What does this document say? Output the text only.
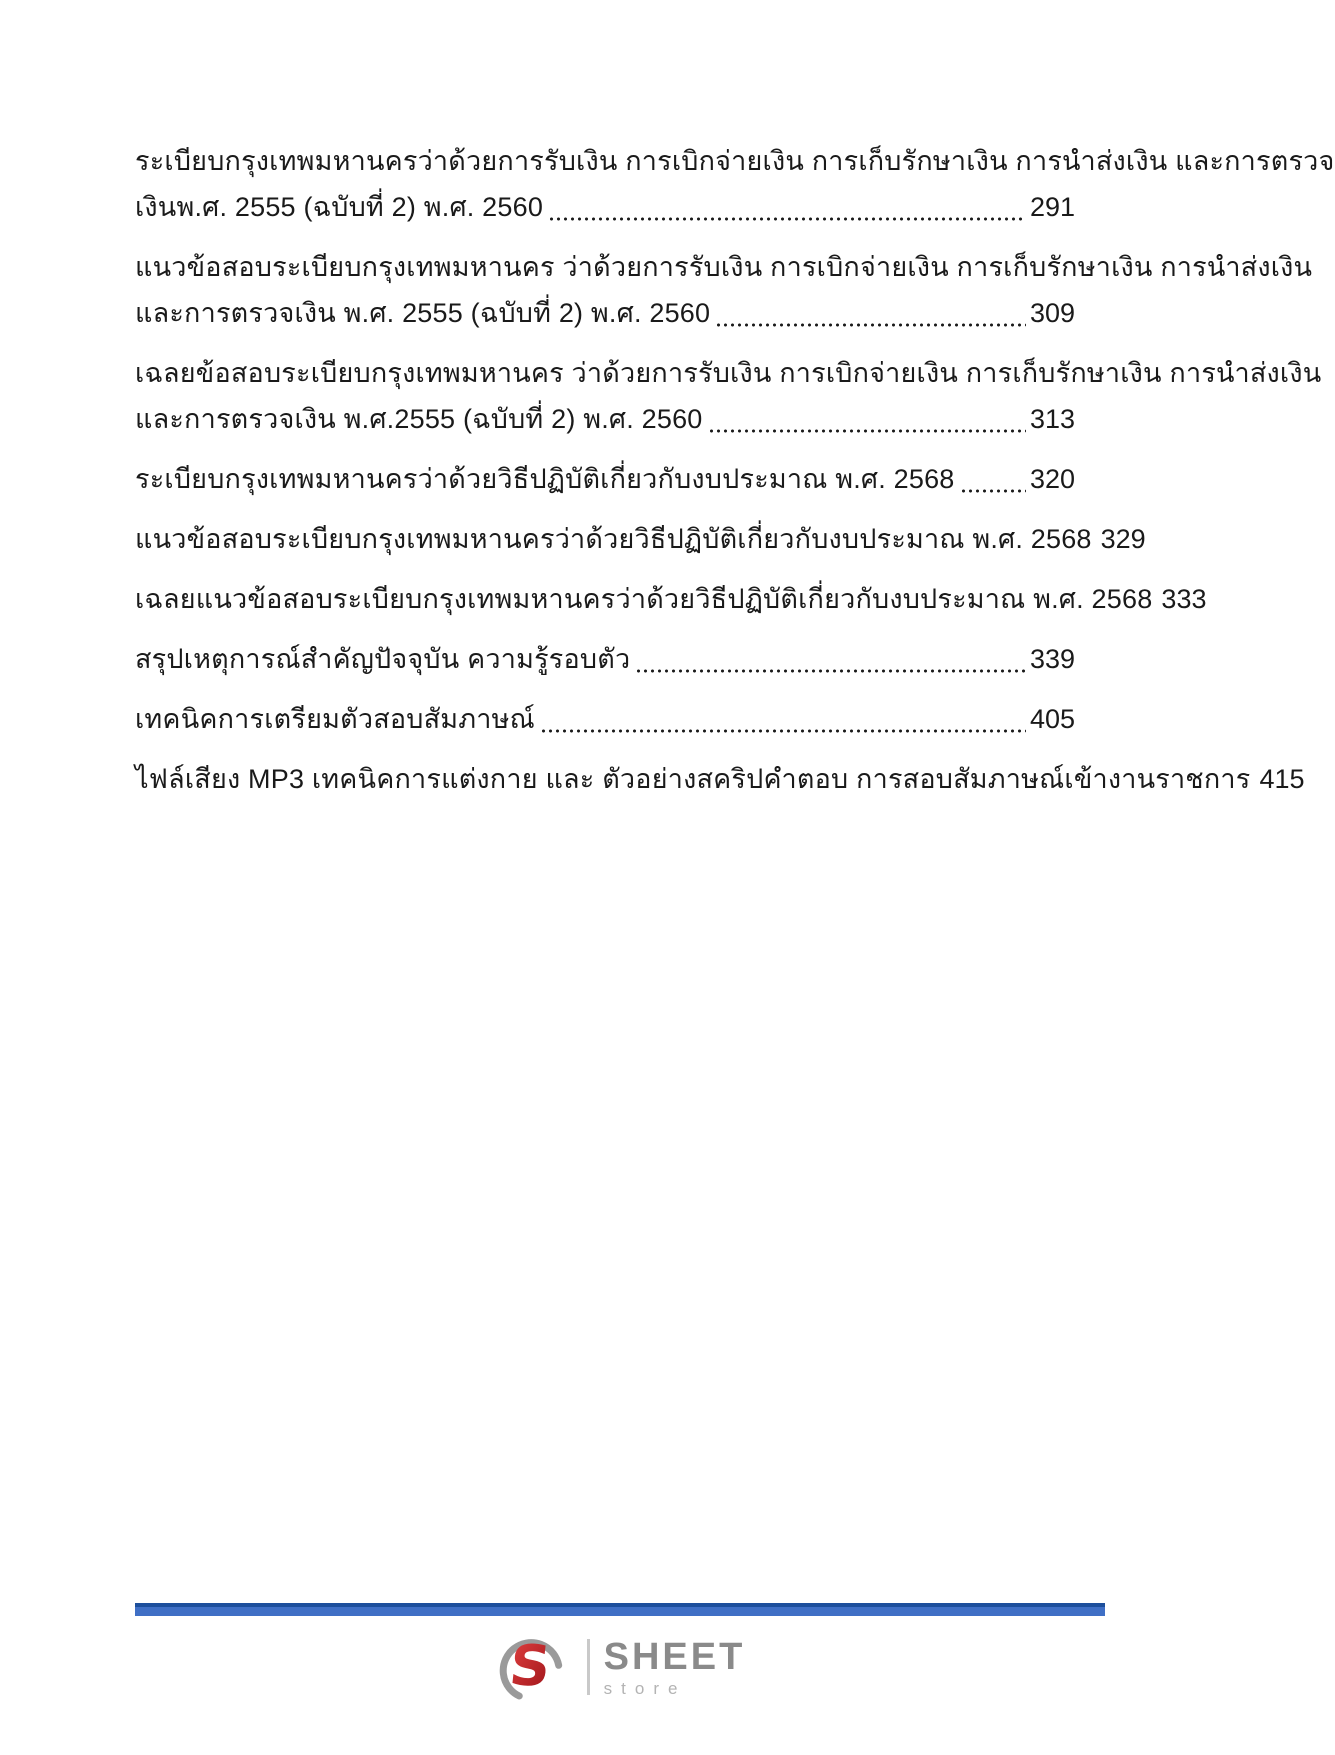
ระเบียบกรุงเทพมหานครว่าด้วยการรับเงิน การเบิกจ่ายเงิน การเก็บรักษาเงิน การนำส่งเงิน และการตรวจ
เงินพ.ศ. 2555 (ฉบับที่ 2) พ.ศ. 2560	291
แนวข้อสอบระเบียบกรุงเทพมหานคร ว่าด้วยการรับเงิน การเบิกจ่ายเงิน การเก็บรักษาเงิน การนำส่งเงิน
และการตรวจเงิน พ.ศ. 2555 (ฉบับที่ 2) พ.ศ. 2560	309
เฉลยข้อสอบระเบียบกรุงเทพมหานคร ว่าด้วยการรับเงิน การเบิกจ่ายเงิน การเก็บรักษาเงิน การนำส่งเงิน
และการตรวจเงิน พ.ศ.2555 (ฉบับที่ 2) พ.ศ. 2560	313
ระเบียบกรุงเทพมหานครว่าด้วยวิธีปฏิบัติเกี่ยวกับงบประมาณ พ.ศ. 2568	320
แนวข้อสอบระเบียบกรุงเทพมหานครว่าด้วยวิธีปฏิบัติเกี่ยวกับงบประมาณ พ.ศ. 2568 329
เฉลยแนวข้อสอบระเบียบกรุงเทพมหานครว่าด้วยวิธีปฏิบัติเกี่ยวกับงบประมาณ พ.ศ. 2568 333
สรุปเหตุการณ์สำคัญปัจจุบัน ความรู้รอบตัว	339
เทคนิคการเตรียมตัวสอบสัมภาษณ์	405
ไฟล์เสียง MP3 เทคนิคการแต่งกาย และ ตัวอย่างสคริปคำตอบ การสอบสัมภาษณ์เข้างานราชการ 415
S SHEET
store
